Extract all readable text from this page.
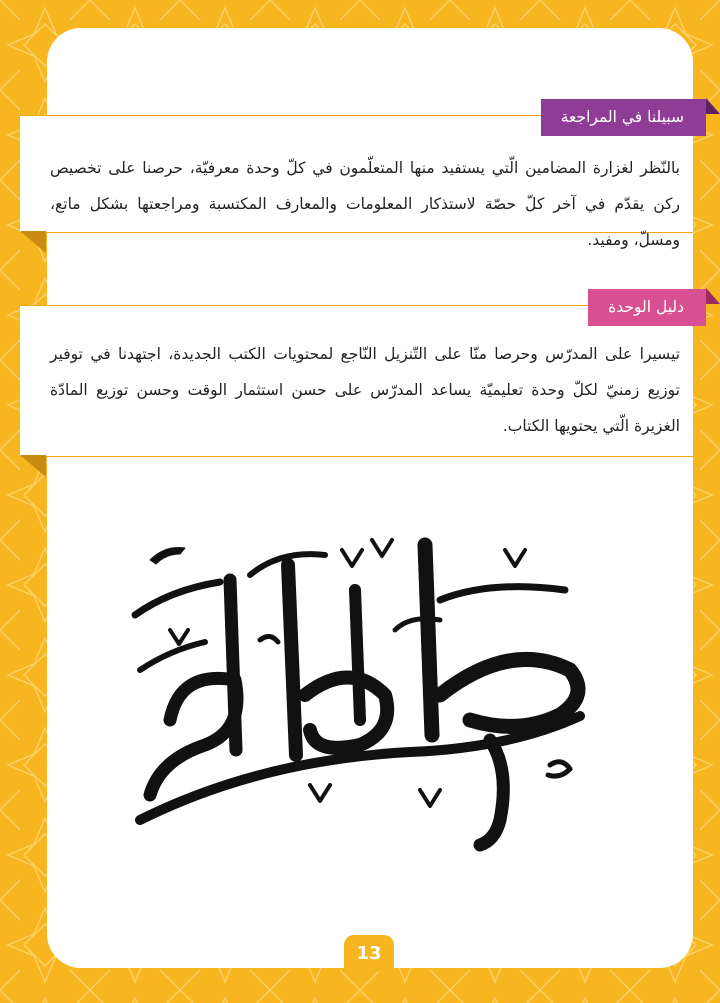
سبيلنا في المراجعة

بالنّظر لغزارة المضامين الّتي يستفيد منها المتعلّمون في كلّ وحدة معرفيّة، حرصنا على تخصيص ركن يقدّم في آخر كلّ حصّة لاستذكار المعلومات والمعارف المكتسبة ومراجعتها بشكل ماتع، ومسلّ، ومفيد.

دليل الوحدة

تيسيرا على المدرّس وحرصا منّا على التّنزيل النّاجع لمحتويات الكتب الجديدة، اجتهدنا في توفير توزيع زمنيّ لكلّ وحدة تعليميّة يساعد المدرّس على حسن استثمار الوقت وحسن توزيع المادّة الغزيرة الّتي يحتويها الكتاب.

13
